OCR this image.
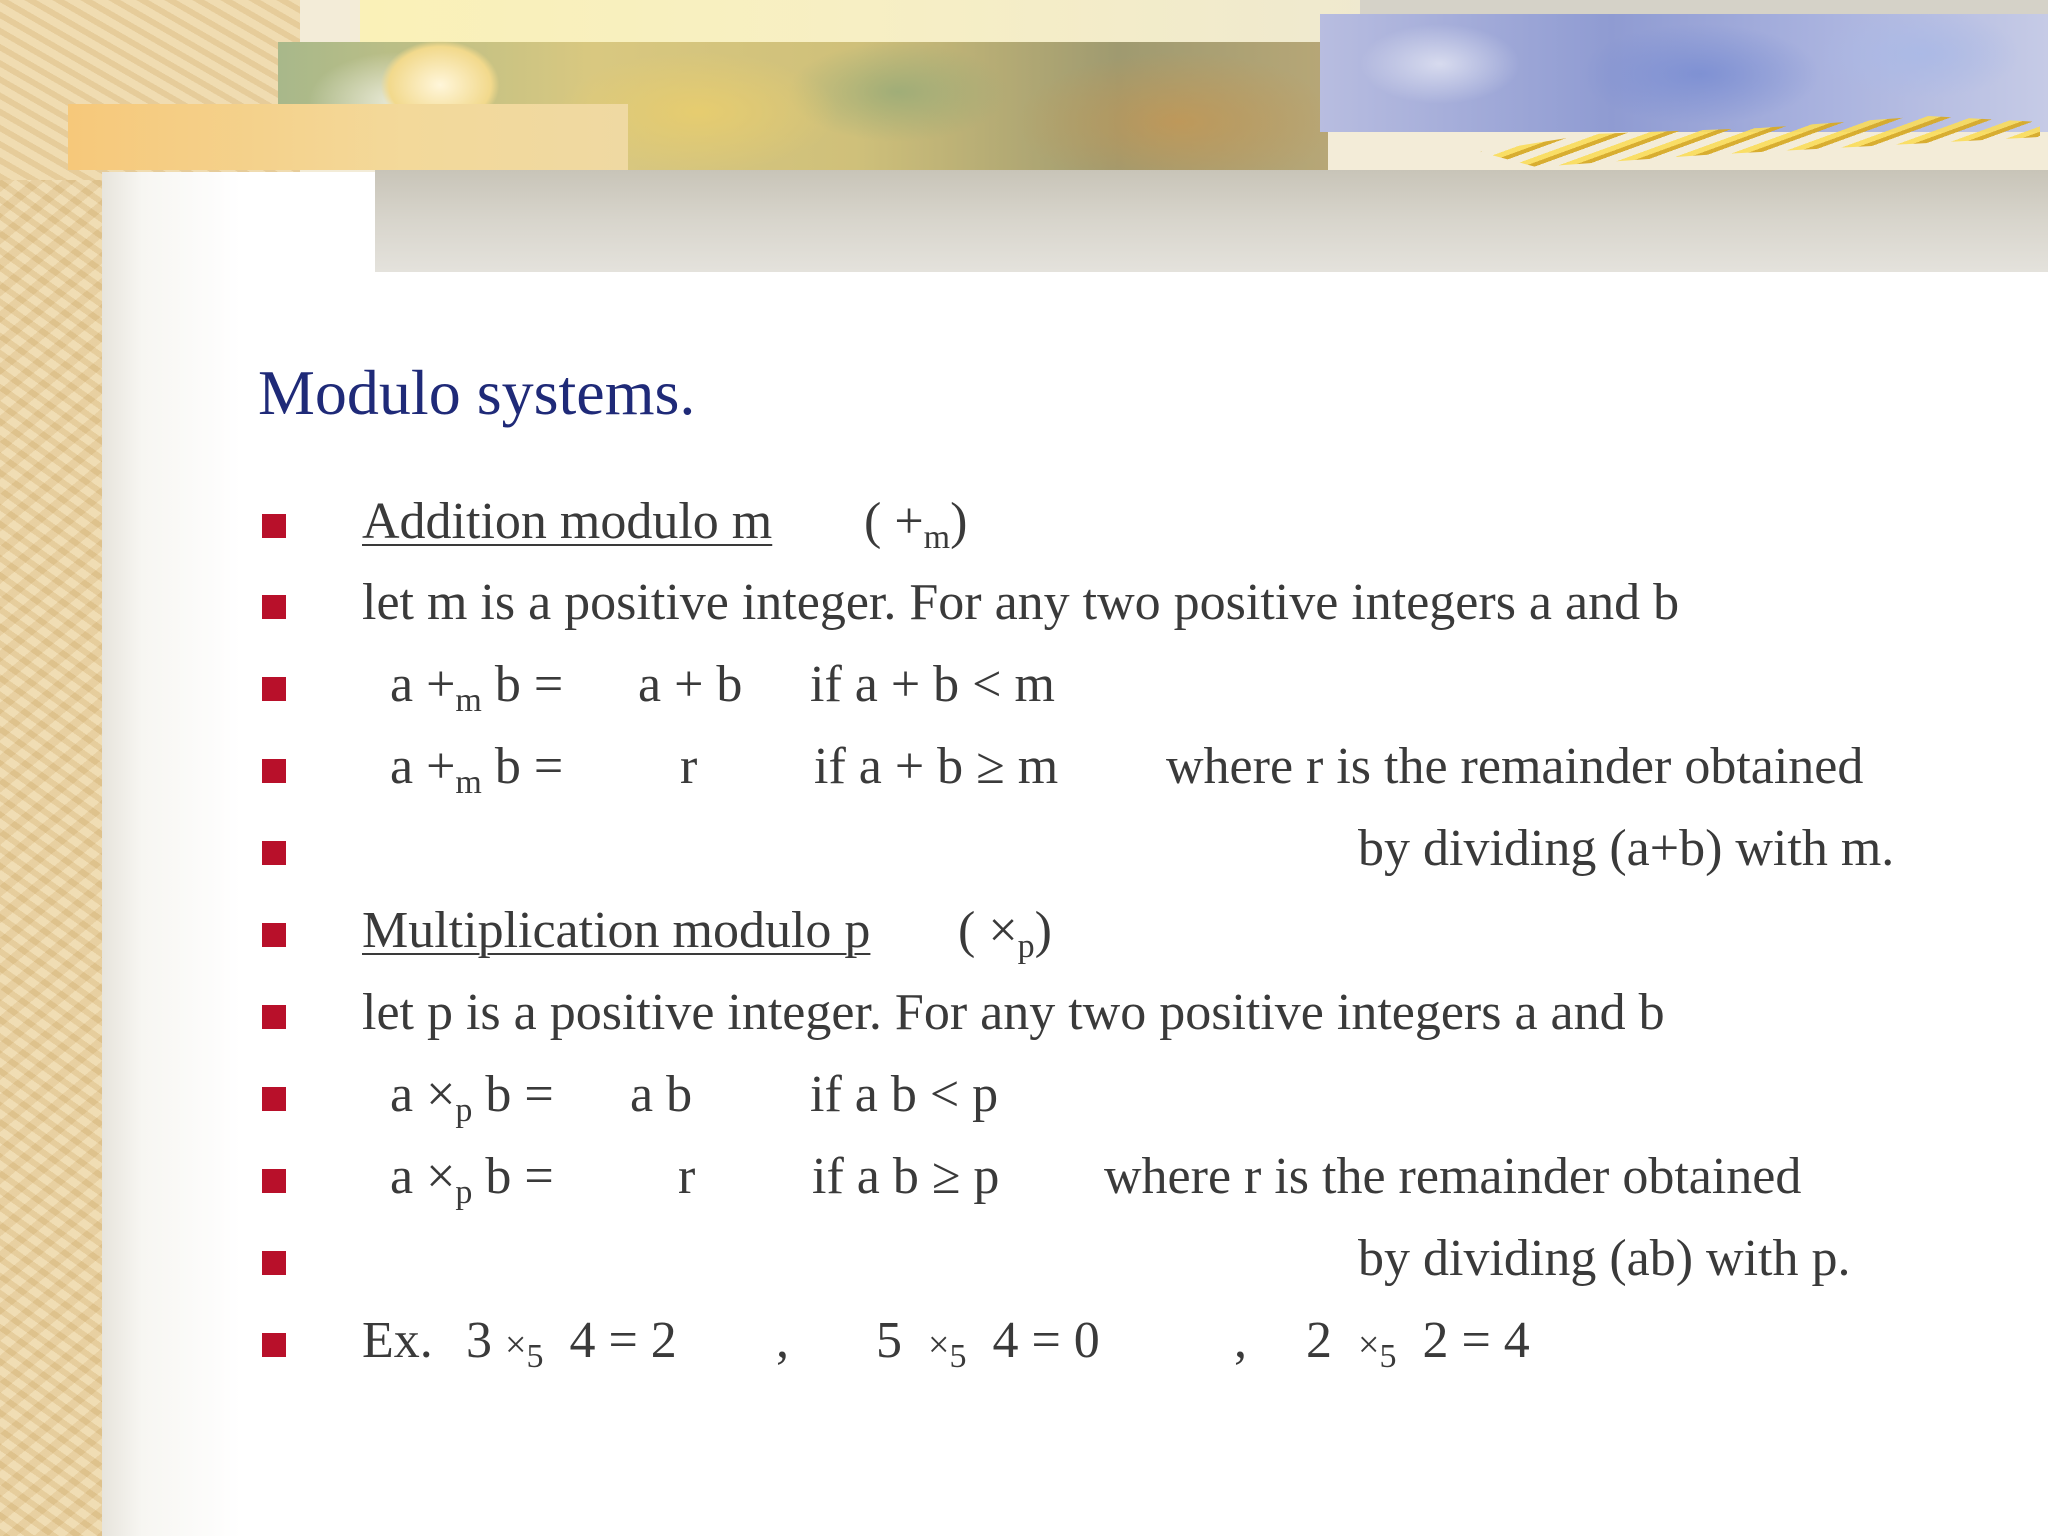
Modulo systems.
Addition modulo m ( $+_m$)
let m is a positive integer. For any two positive integers a and b
$a +_m$ b = a + b if a + b < m
$a +_m$ b = r if a + b ≥ m where r is the remainder obtained
by dividing (a+b) with m.
Multiplication modulo p ( $\times_p$)
let p is a positive integer. For any two positive integers a and b
$a \times_p$ b = a b if a b < p
$a \times_p$ b = r if a b ≥ p where r is the remainder obtained
by dividing (ab) with p.
Ex. $3 \times_5$ 4 = 2 , $5 \times_5$ 4 = 0	, $2 \times_5$ 2 = 4
